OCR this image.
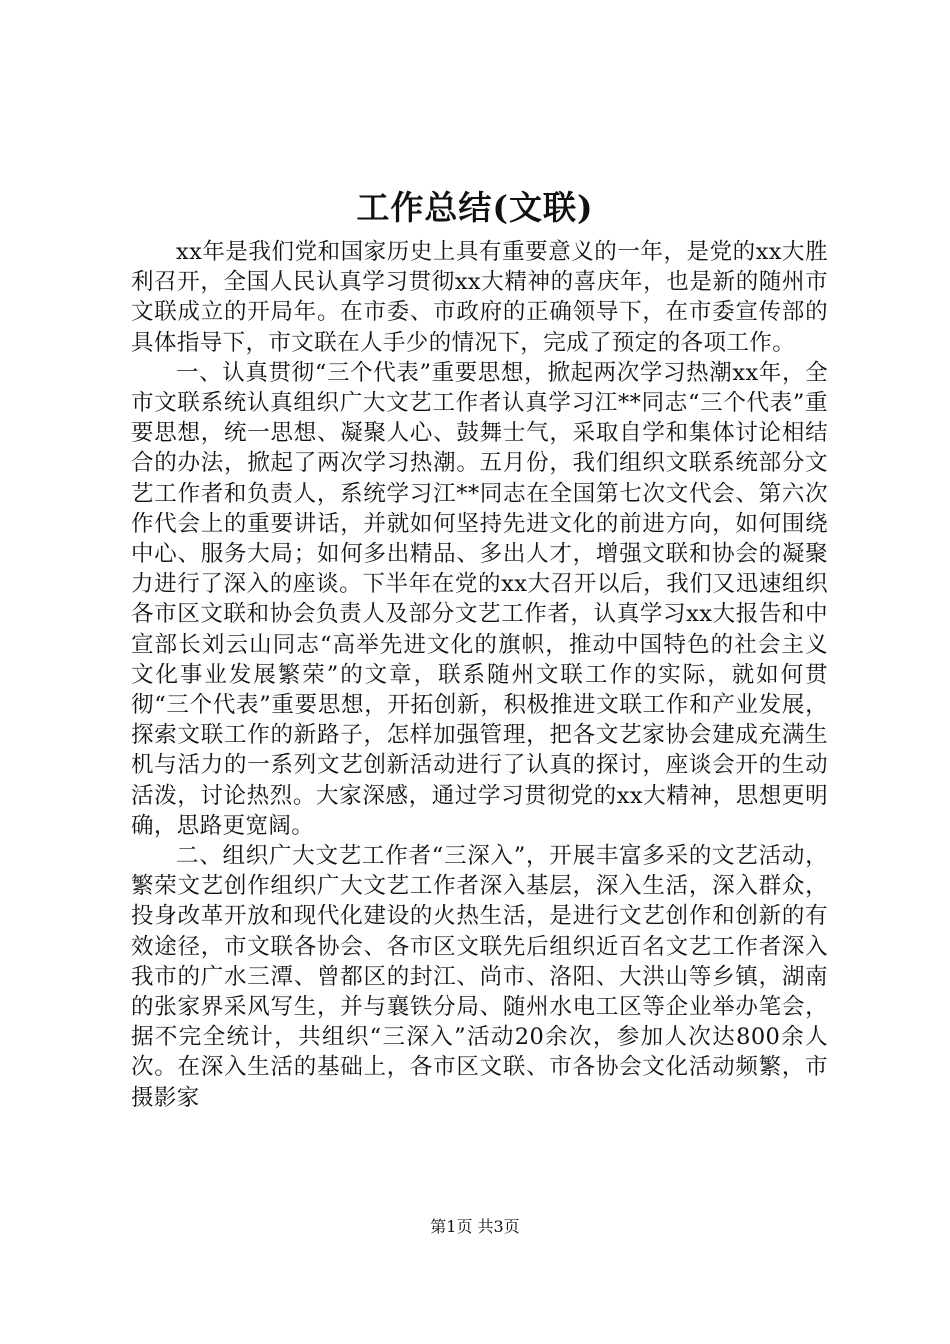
工作总结(文联)

xx年是我们党和国家历史上具有重要意义的一年，是党的xx大胜利召开，全国人民认真学习贯彻xx大精神的喜庆年，也是新的随州市文联成立的开局年。在市委、市政府的正确领导下，在市委宣传部的具体指导下，市文联在人手少的情况下，完成了预定的各项工作。

一、认真贯彻“三个代表”重要思想，掀起两次学习热潮xx年，全市文联系统认真组织广大文艺工作者认真学习江**同志“三个代表”重要思想，统一思想、凝聚人心、鼓舞士气，采取自学和集体讨论相结合的办法，掀起了两次学习热潮。五月份，我们组织文联系统部分文艺工作者和负责人，系统学习江**同志在全国第七次文代会、第六次作代会上的重要讲话，并就如何坚持先进文化的前进方向，如何围绕中心、服务大局；如何多出精品、多出人才，增强文联和协会的凝聚力进行了深入的座谈。下半年在党的xx大召开以后，我们又迅速组织各市区文联和协会负责人及部分文艺工作者，认真学习xx大报告和中宣部长刘云山同志“高举先进文化的旗帜，推动中国特色的社会主义文化事业发展繁荣”的文章，联系随州文联工作的实际，就如何贯彻“三个代表”重要思想，开拓创新，积极推进文联工作和产业发展，探索文联工作的新路子，怎样加强管理，把各文艺家协会建成充满生机与活力的一系列文艺创新活动进行了认真的探讨，座谈会开的生动活泼，讨论热烈。大家深感，通过学习贯彻党的xx大精神，思想更明确，思路更宽阔。

二、组织广大文艺工作者“三深入”，开展丰富多采的文艺活动，繁荣文艺创作组织广大文艺工作者深入基层，深入生活，深入群众，投身改革开放和现代化建设的火热生活，是进行文艺创作和创新的有效途径，市文联各协会、各市区文联先后组织近百名文艺工作者深入我市的广水三潭、曾都区的封江、尚市、洛阳、大洪山等乡镇，湖南的张家界采风写生，并与襄铁分局、随州水电工区等企业举办笔会，据不完全统计，共组织“三深入”活动20余次，参加人次达800余人次。在深入生活的基础上，各市区文联、市各协会文化活动频繁，市摄影家

第1页 共3页
